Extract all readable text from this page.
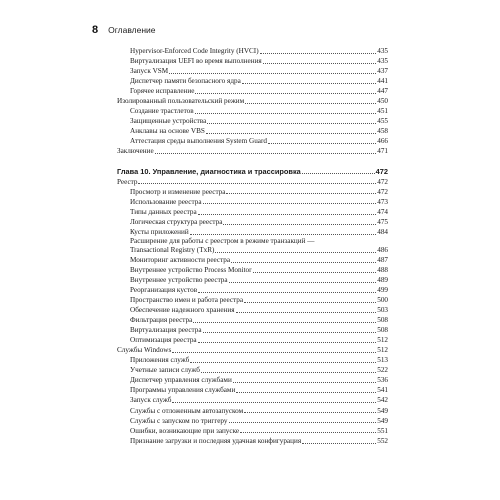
8 Оглавление
Hypervisor-Enforced Code Integrity (HVCI)	435
Виртуализация UEFI во время выполнения	435
Запуск VSM	437
Диспетчер памяти безопасного ядра	441
Горячее исправление	447
Изолированный пользовательский режим	450
Создание трастлетов	451
Защищенные устройства	455
Анклавы на основе VBS	458
Аттестация среды выполнения System Guard	466
Заключение	471
Глава 10. Управление, диагностика и трассировка	472
Реестр	472
Просмотр и изменение реестра	472
Использование реестра	473
Типы данных реестра	474
Логическая структура реестра	475
Кусты приложений	484
Расширение для работы с реестром в режиме транзакций —
Transactional Registry (TxR)	486
Мониторинг активности реестра	487
Внутреннее устройство Process Monitor	488
Внутреннее устройство реестра	489
Реорганизация кустов	499
Пространство имен и работа реестра	500
Обеспечение надежного хранения	503
Фильтрация реестра	508
Виртуализация реестра	508
Оптимизация реестра	512
Службы Windows	512
Приложения служб	513
Учетные записи служб	522
Диспетчер управления службами	536
Программы управления службами	541
Запуск служб	542
Службы с отложенным автозапуском	549
Службы с запуском по триггеру	549
Ошибки, возникающие при запуске	551
Признание загрузки и последняя удачная конфигурация	552
